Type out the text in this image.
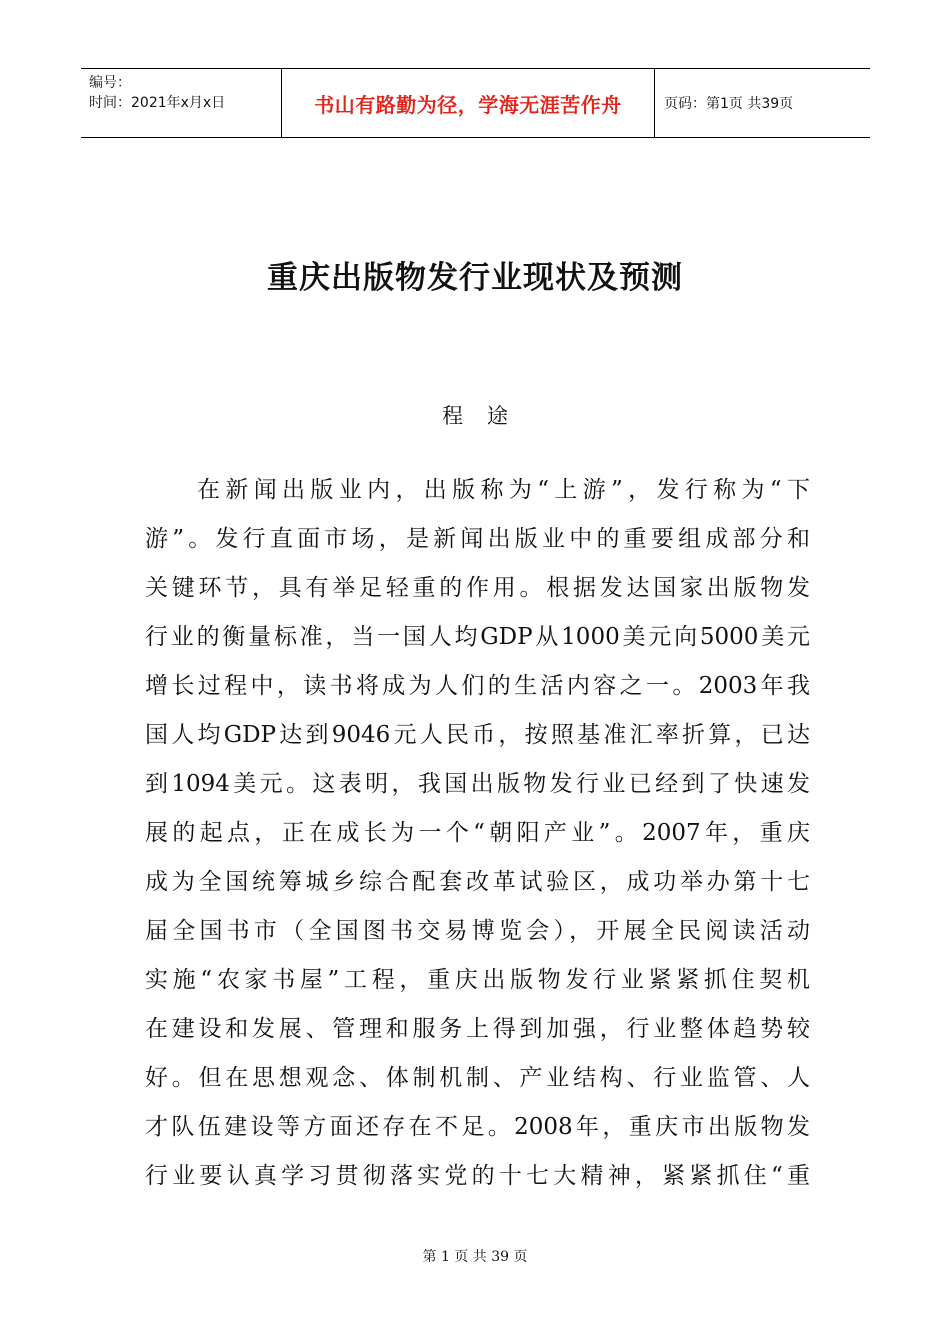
编号：
时间：2021年x月x日	书山有路勤为径，学海无涯苦作舟	页码：第1页 共39页
重庆出版物发行业现状及预测
程 途
在新闻出版业内，出版称为“上游”，发行称为“下
游”。发行直面市场，是新闻出版业中的重要组成部分和
关键环节，具有举足轻重的作用。根据发达国家出版物发
行业的衡量标准，当一国人均GDP从1000美元向5000美元
增长过程中，读书将成为人们的生活内容之一。2003年我
国人均GDP达到9046元人民币，按照基准汇率折算，已达
到1094美元。这表明，我国出版物发行业已经到了快速发
展的起点，正在成长为一个“朝阳产业”。2007年，重庆
成为全国统筹城乡综合配套改革试验区，成功举办第十七
届全国书市（全国图书交易博览会），开展全民阅读活动
实施“农家书屋”工程，重庆出版物发行业紧紧抓住契机
在建设和发展、管理和服务上得到加强，行业整体趋势较
好。但在思想观念、体制机制、产业结构、行业监管、人
才队伍建设等方面还存在不足。2008年，重庆市出版物发
行业要认真学习贯彻落实党的十七大精神，紧紧抓住“重
第 1 页 共 39 页
